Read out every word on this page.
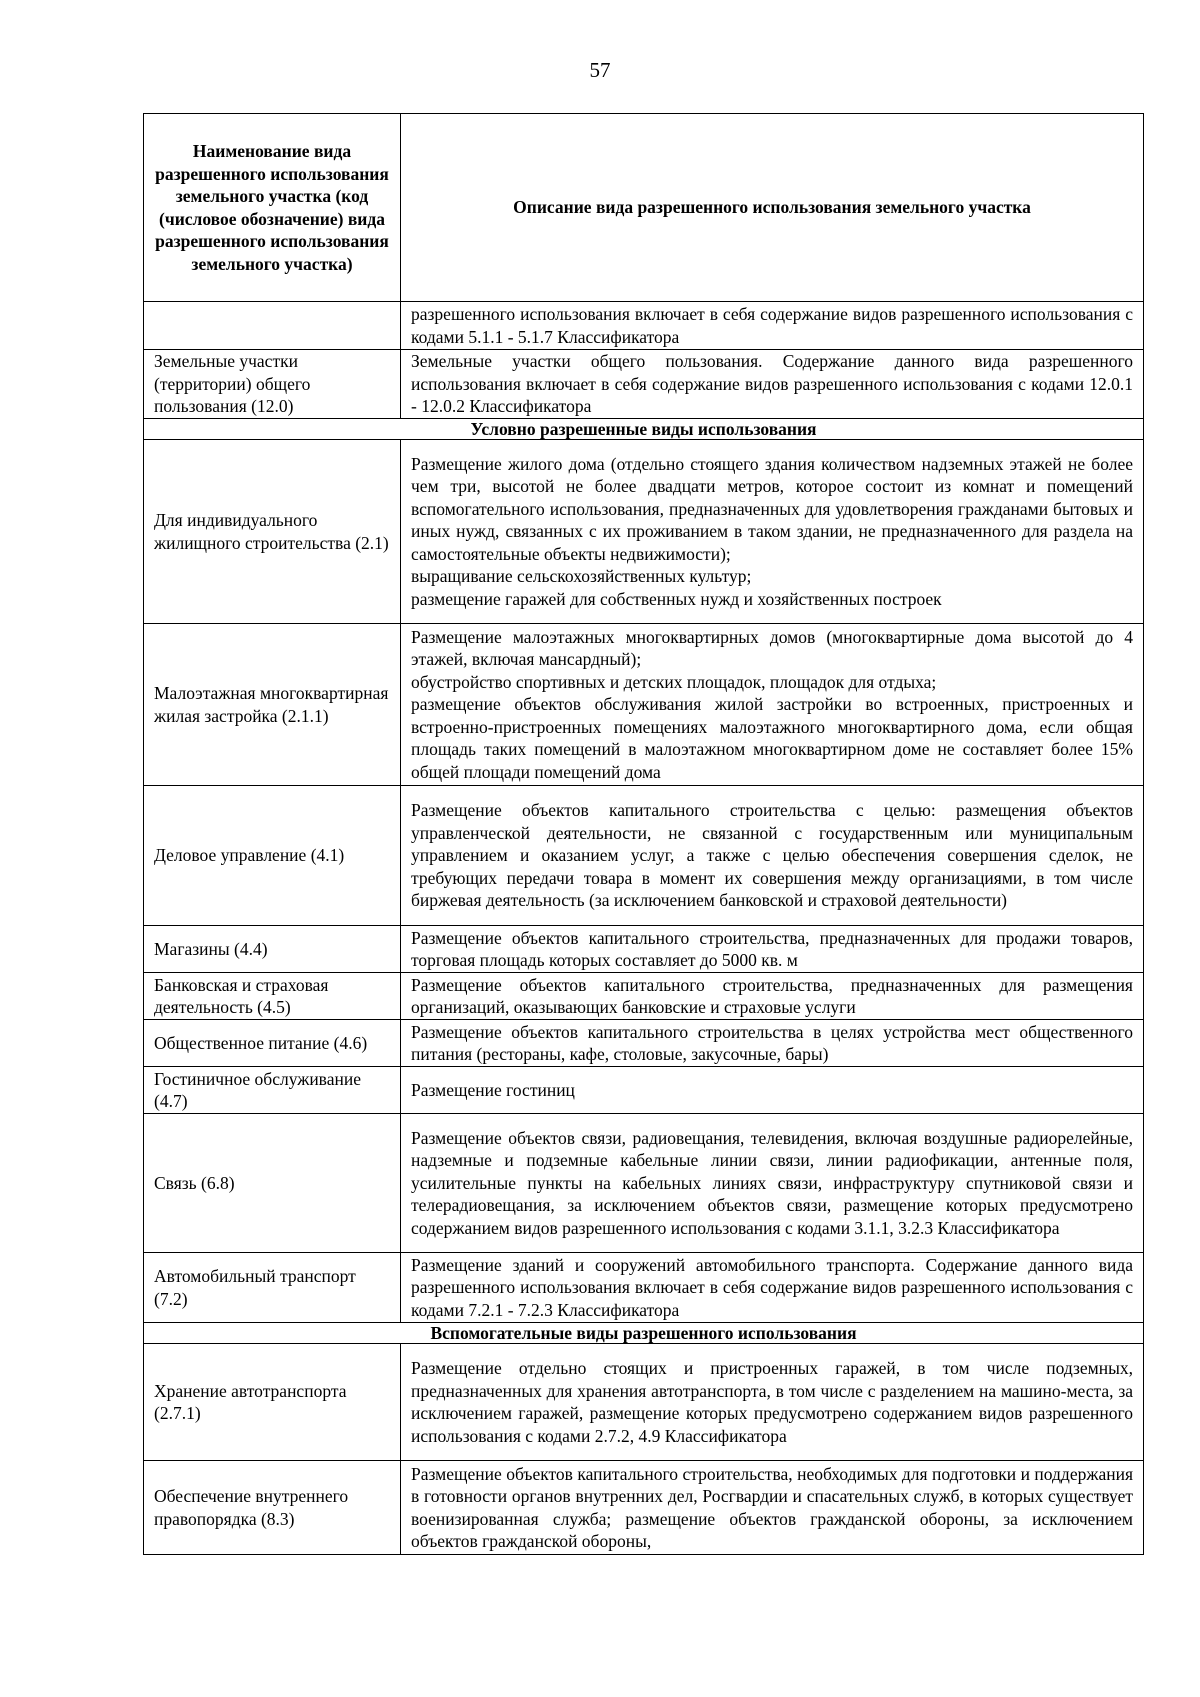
57
Наименование вида разрешенного использования земельного участка (код (числовое обозначение) вида разрешенного использования земельного участка)	Описание вида разрешенного использования земельного участка
	разрешенного использования включает в себя содержание видов разрешенного использования с кодами 5.1.1 - 5.1.7 Классификатора
Земельные участки (территории) общего пользования (12.0)	Земельные участки общего пользования. Содержание данного вида разрешенного использования включает в себя содержание видов разрешенного использования с кодами 12.0.1 - 12.0.2 Классификатора
Условно разрешенные виды использования	
Для индивидуального жилищного строительства (2.1)	Размещение жилого дома (отдельно стоящего здания количеством надземных этажей не более чем три, высотой не более двадцати метров, которое состоит из комнат и помещений вспомогательного использования, предназначенных для удовлетворения гражданами бытовых и иных нужд, связанных с их проживанием в таком здании, не предназначенного для раздела на самостоятельные объекты недвижимости);
выращивание сельскохозяйственных культур;
размещение гаражей для собственных нужд и хозяйственных построек

Малоэтажная многоквартирная жилая застройка (2.1.1)	Размещение малоэтажных многоквартирных домов (многоквартирные дома высотой до 4 этажей, включая мансардный);
обустройство спортивных и детских площадок, площадок для отдыха;
размещение объектов обслуживания жилой застройки во встроенных, пристроенных и встроенно-пристроенных помещениях малоэтажного многоквартирного дома, если общая площадь таких помещений в малоэтажном многоквартирном доме не составляет более 15% общей площади помещений дома

Деловое управление (4.1)	Размещение объектов капитального строительства с целью: размещения объектов управленческой деятельности, не связанной с государственным или муниципальным управлением и оказанием услуг, а также с целью обеспечения совершения сделок, не требующих передачи товара в момент их совершения между организациями, в том числе биржевая деятельность (за исключением банковской и страховой деятельности)
Магазины (4.4)	Размещение объектов капитального строительства, предназначенных для продажи товаров, торговая площадь которых составляет до 5000 кв. м
Банковская и страховая деятельность (4.5)	Размещение объектов капитального строительства, предназначенных для размещения организаций, оказывающих банковские и страховые услуги
Общественное питание (4.6)	Размещение объектов капитального строительства в целях устройства мест общественного питания (рестораны, кафе, столовые, закусочные, бары)
Гостиничное обслуживание (4.7)	Размещение гостиниц
Связь (6.8)	Размещение объектов связи, радиовещания, телевидения, включая воздушные радиорелейные, надземные и подземные кабельные линии связи, линии радиофикации, антенные поля, усилительные пункты на кабельных линиях связи, инфраструктуру спутниковой связи и телерадиовещания, за исключением объектов связи, размещение которых предусмотрено содержанием видов разрешенного использования с кодами 3.1.1, 3.2.3 Классификатора
Автомобильный транспорт (7.2)	Размещение зданий и сооружений автомобильного транспорта. Содержание данного вида разрешенного использования включает в себя содержание видов разрешенного использования с кодами 7.2.1 - 7.2.3 Классификатора
Вспомогательные виды разрешенного использования	
Хранение автотранспорта (2.7.1)	Размещение отдельно стоящих и пристроенных гаражей, в том числе подземных, предназначенных для хранения автотранспорта, в том числе с разделением на машино-места, за исключением гаражей, размещение которых предусмотрено содержанием видов разрешенного использования с кодами 2.7.2, 4.9 Классификатора
Обеспечение внутреннего правопорядка (8.3)	Размещение объектов капитального строительства, необходимых для подготовки и поддержания в готовности органов внутренних дел, Росгвардии и спасательных служб, в которых существует военизированная служба; размещение объектов гражданской обороны, за исключением объектов гражданской обороны,
